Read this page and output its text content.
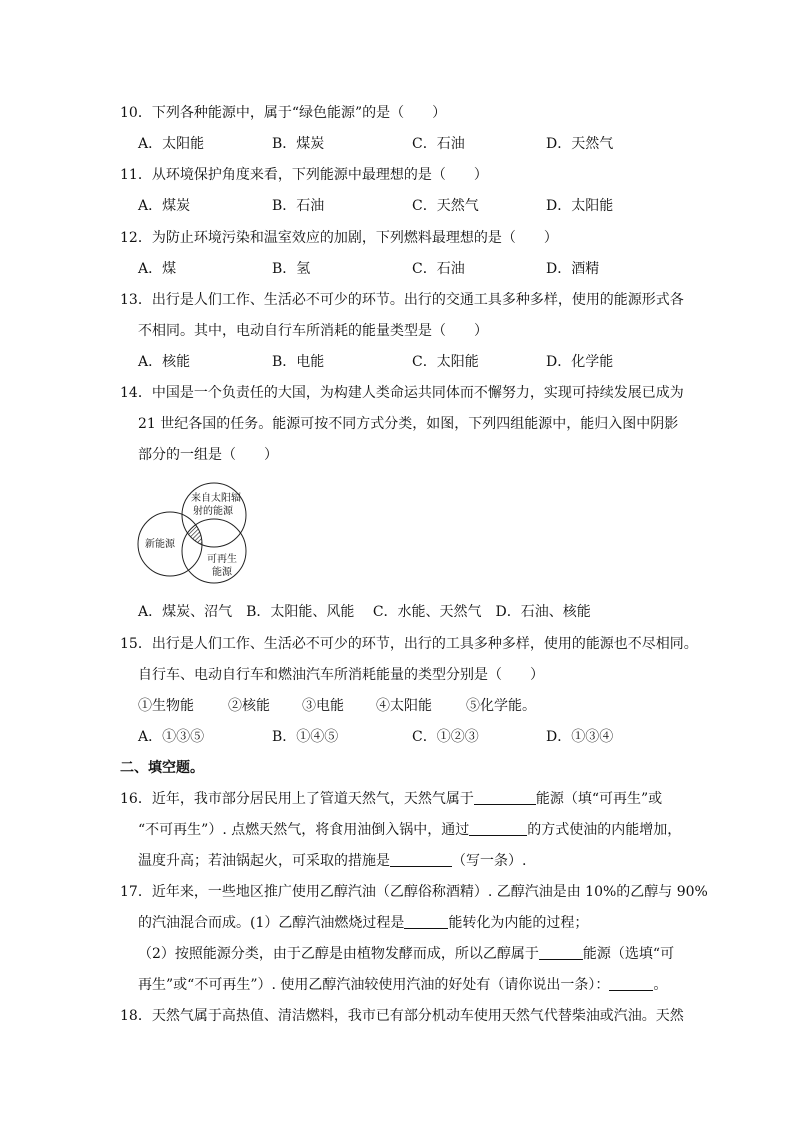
10．下列各种能源中，属于“绿色能源”的是（　　）
A．太阳能	B．煤炭	C．石油	D．天然气
11．从环境保护角度来看，下列能源中最理想的是（　　）
A．煤炭	B．石油	C．天然气	D．太阳能
12．为防止环境污染和温室效应的加剧，下列燃料最理想的是（　　）
A．煤	B．氢	C．石油	D．酒精
13．出行是人们工作、生活必不可少的环节。出行的交通工具多种多样，使用的能源形式各
不相同。其中，电动自行车所消耗的能量类型是（　　）
A．核能	B．电能	C．太阳能	D．化学能
14．中国是一个负责任的大国，为构建人类命运共同体而不懈努力，实现可持续发展已成为
21 世纪各国的任务。能源可按不同方式分类，如图，下列四组能源中，能归入图中阴影
部分的一组是（　　）
来自太阳辐
射的能源
新能源
可再生
能源
A．煤炭、沼气　B．太阳能、风能　 C．水能、天然气　D．石油、核能
15．出行是人们工作、生活必不可少的环节，出行的工具多种多样，使用的能源也不尽相同。
自行车、电动自行车和燃油汽车所消耗能量的类型分别是（　　）
①生物能 ②核能 ③电能 ④太阳能 ⑤化学能。
A．①③⑤	B．①④⑤	C．①②③	D．①③④
二、填空题。
16．近年，我市部分居民用上了管道天然气，天然气属于	能源（填“可再生”或
“不可再生”）. 点燃天然气，将食用油倒入锅中，通过	的方式使油的内能增加，
温度升高；若油锅起火，可采取的措施是	（写一条）.
17．近年来，一些地区推广使用乙醇汽油（乙醇俗称酒精）. 乙醇汽油是由 10%的乙醇与 90%
的汽油混合而成。(1）乙醇汽油燃烧过程是	能转化为内能的过程；
（2）按照能源分类，由于乙醇是由植物发酵而成，所以乙醇属于	能源（选填“可
再生”或“不可再生”）. 使用乙醇汽油较使用汽油的好处有（请你说出一条）：	。
18．天然气属于高热值、清洁燃料，我市已有部分机动车使用天然气代替柴油或汽油。天然
